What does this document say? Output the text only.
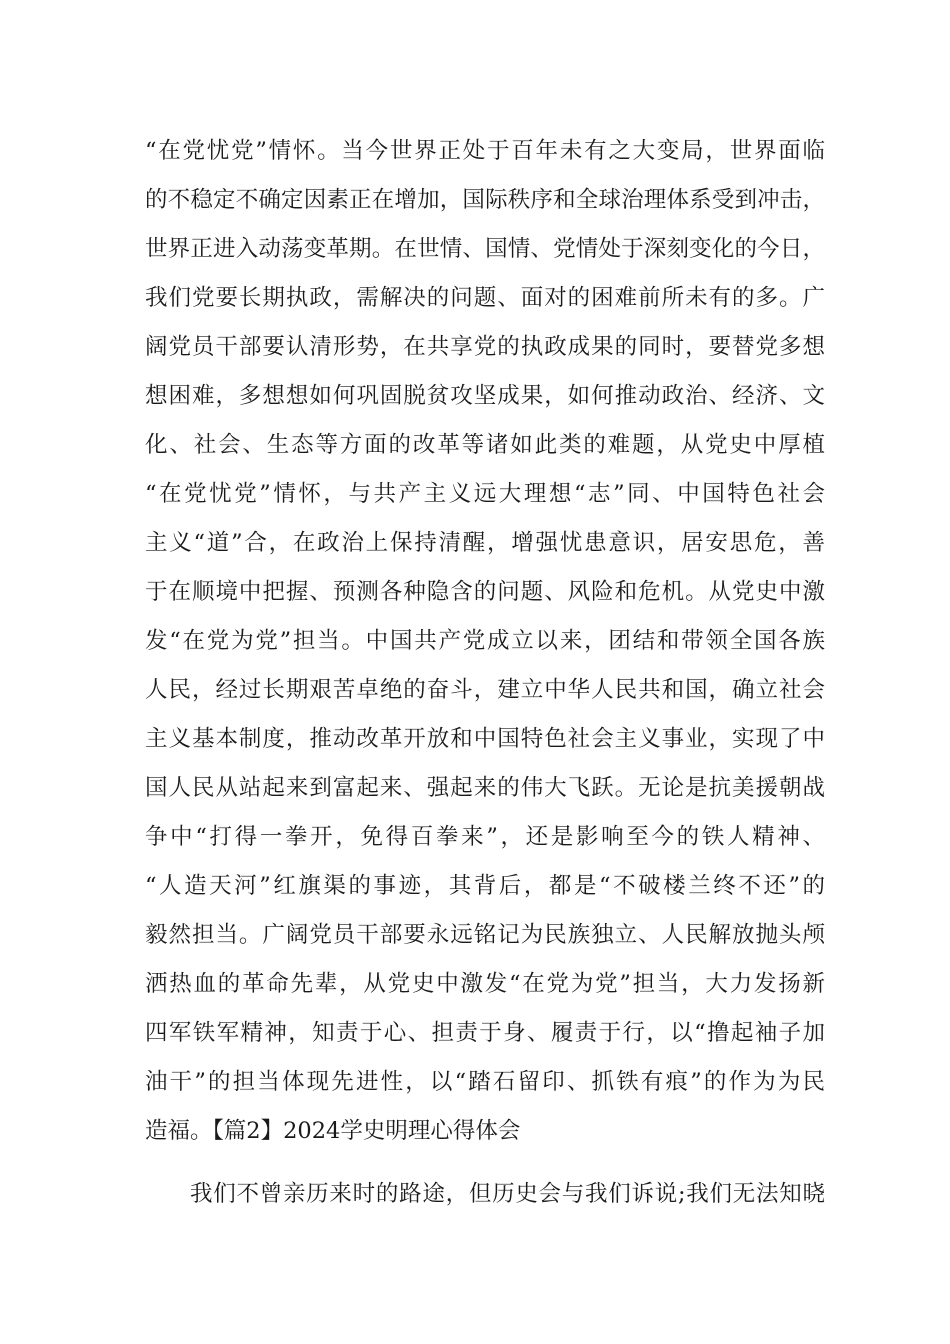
“在党忧党”情怀。当今世界正处于百年未有之大变局，世界面临
的不稳定不确定因素正在增加，国际秩序和全球治理体系受到冲击，
世界正进入动荡变革期。在世情、国情、党情处于深刻变化的今日，
我们党要长期执政，需解决的问题、面对的困难前所未有的多。广
阔党员干部要认清形势，在共享党的执政成果的同时，要替党多想
想困难，多想想如何巩固脱贫攻坚成果，如何推动政治、经济、文
化、社会、生态等方面的改革等诸如此类的难题，从党史中厚植
“在党忧党”情怀，与共产主义远大理想“志”同、中国特色社会
主义“道”合，在政治上保持清醒，增强忧患意识，居安思危，善
于在顺境中把握、预测各种隐含的问题、风险和危机。从党史中激
发“在党为党”担当。中国共产党成立以来，团结和带领全国各族
人民，经过长期艰苦卓绝的奋斗，建立中华人民共和国，确立社会
主义基本制度，推动改革开放和中国特色社会主义事业，实现了中
国人民从站起来到富起来、强起来的伟大飞跃。无论是抗美援朝战
争中“打得一拳开，免得百拳来”，还是影响至今的铁人精神、
“人造天河”红旗渠的事迹，其背后，都是“不破楼兰终不还”的
毅然担当。广阔党员干部要永远铭记为民族独立、人民解放抛头颅
洒热血的革命先辈，从党史中激发“在党为党”担当，大力发扬新
四军铁军精神，知责于心、担责于身、履责于行，以“撸起袖子加
油干”的担当体现先进性，以“踏石留印、抓铁有痕”的作为为民
造福。【篇2】2024学史明理心得体会
我们不曾亲历来时的路途，但历史会与我们诉说;我们无法知晓
